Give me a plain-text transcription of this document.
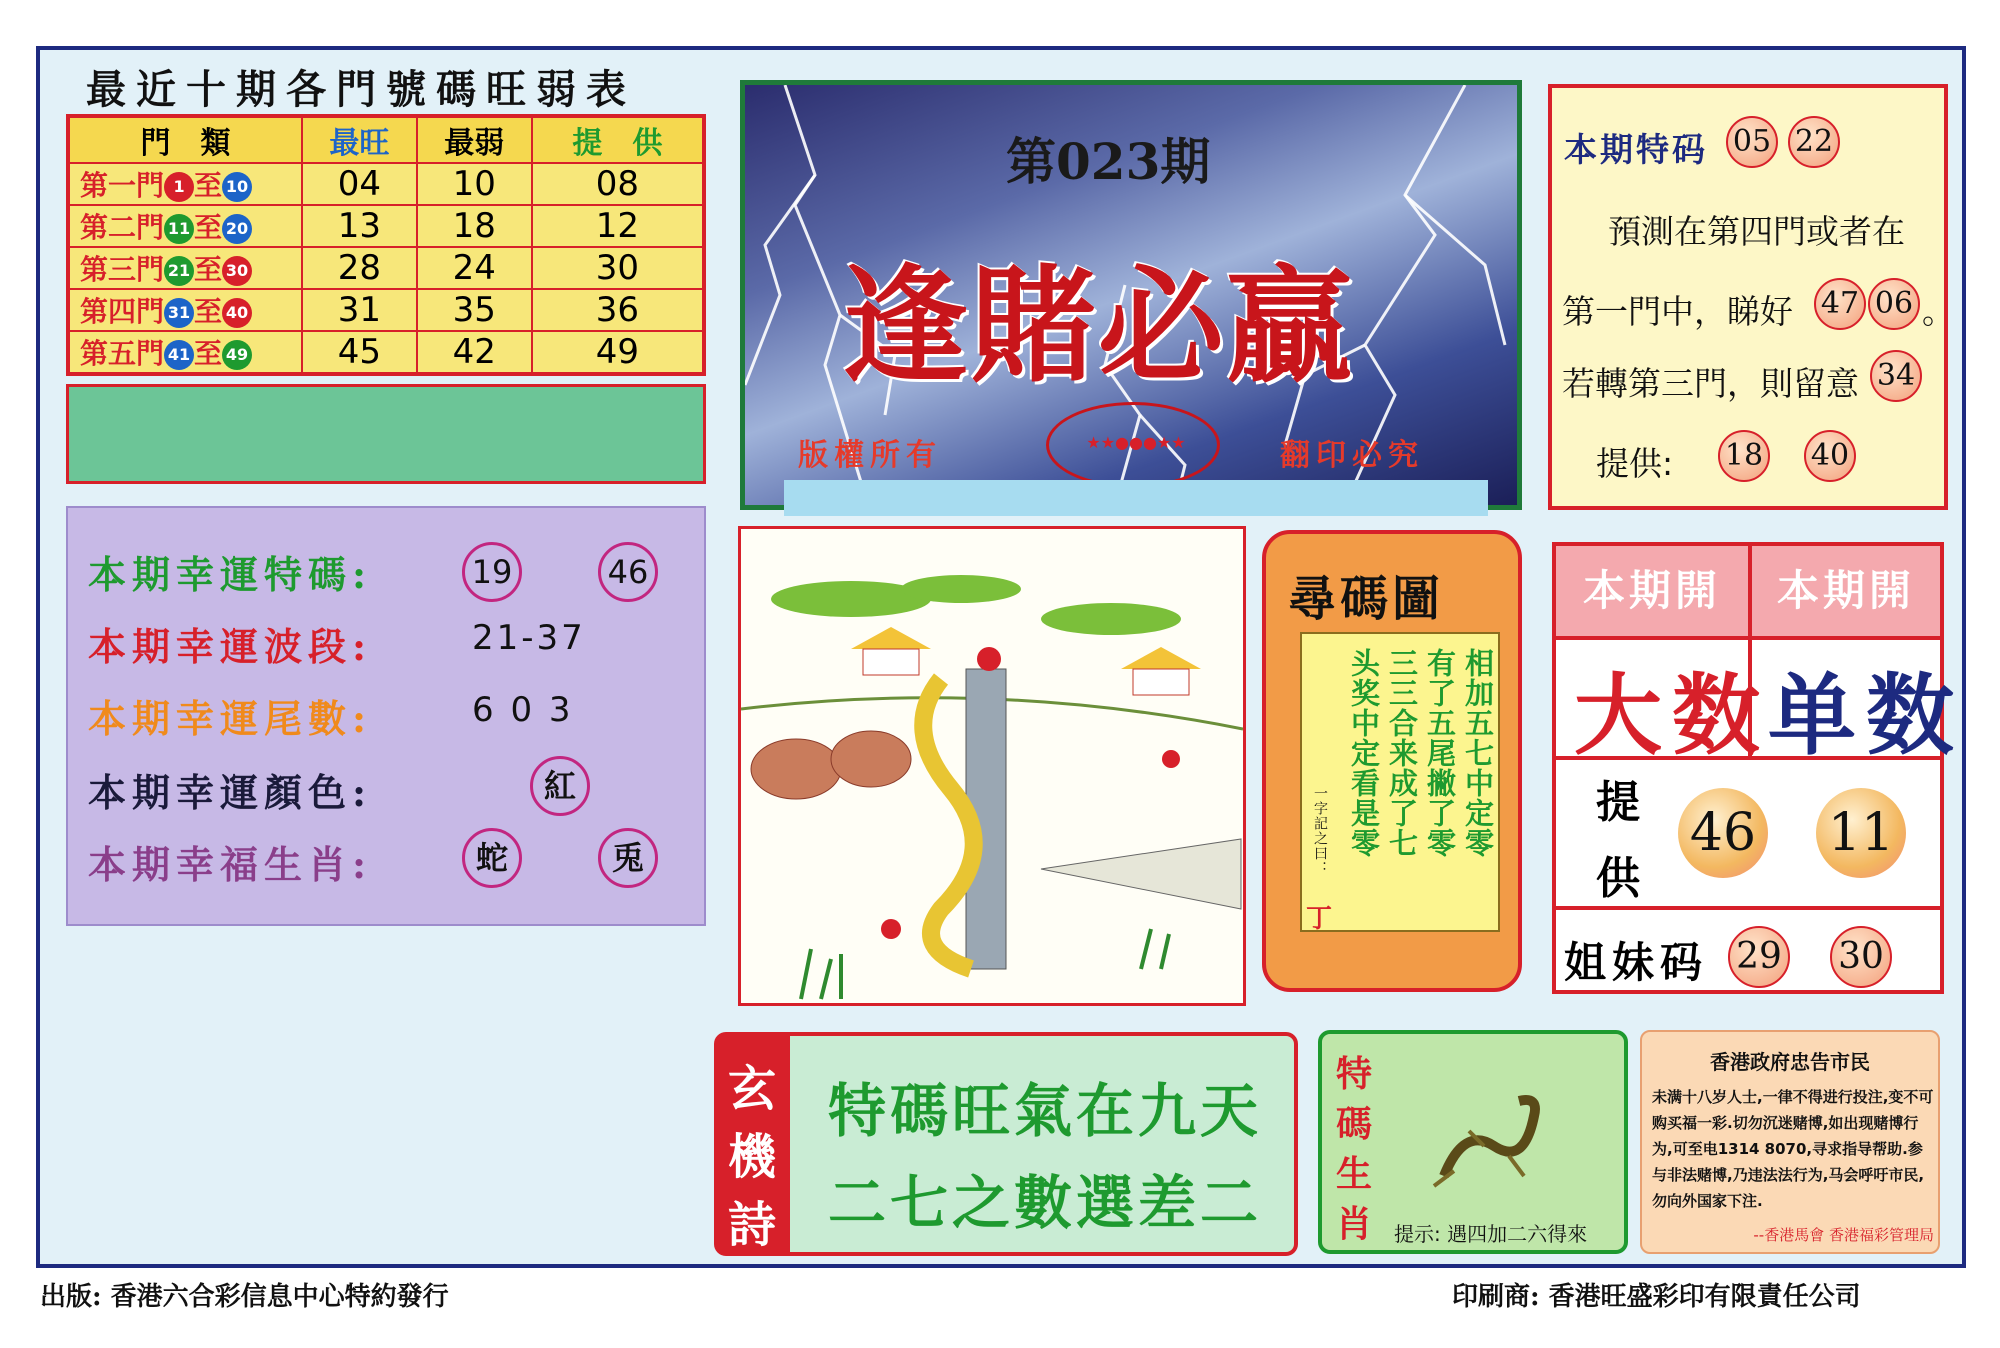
最近十期各門號碼旺弱表
門　類	最旺	最弱	提　供
第一門 1 至 10	04	10	08
第二門 11 至 20	13	18	12
第三門 21 至 30	28	24	30
第四門 31 至 40	31	35	36
第五門 41 至 49	45	42	49
本期幸運特碼:	19	46
本期幸運波段:	21-37
本期幸運尾數:	6 0 3
本期幸運顏色:	紅
本期幸福生肖:	蛇	兎
第023期
逢賭必贏
★★●●●★★
版權所有	翻印必究
本期特码 05 22
預測在第四門或者在
第一門中，睇好 47 06 。
若轉第三門，則留意 34
提供: 18 40
尋碼圖
相加五七中定零
有了五尾撇了零
三三合来成了七
头奖中定看是零
一字記之曰：
丁
本期開	本期開
大数
单数
提
供
46 11
姐妹码 29 30
玄
機
詩
特碼旺氣在九天
二七之數選差二
特
碼
生
肖 提示: 遇四加二六得來
香港政府忠告市民
未满十八岁人士,一律不得进行投注,变不可购买福一彩.切勿沉迷赌博,如出现赌博行为,可至电1314 8070,寻求指导帮助.参与非法赌博,乃违法法行为,马会呼吁市民,勿向外国家下注.
--香港馬會 香港福彩管理局
出版: 香港六合彩信息中心特約發行	印刷商: 香港旺盛彩印有限責任公司
